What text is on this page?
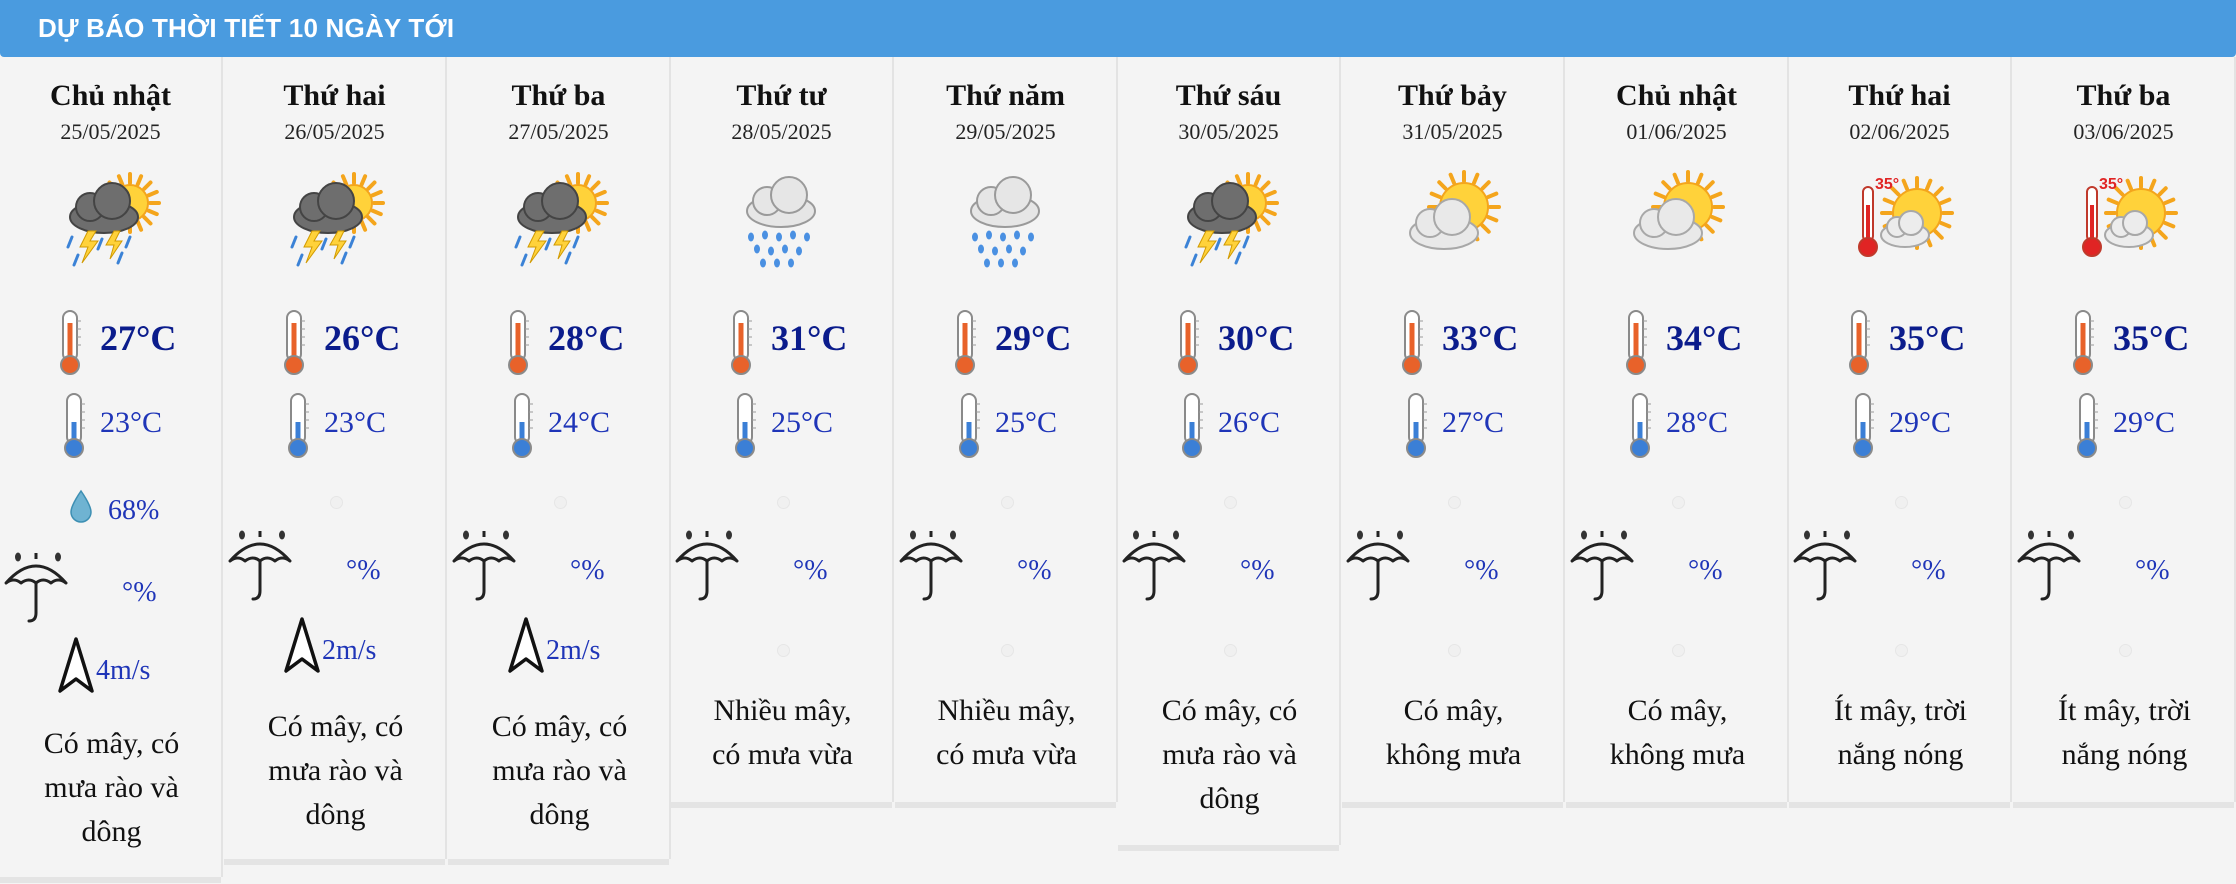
DỰ BÁO THỜI TIẾT 10 NGÀY TỚI
Chủ nhật
25/05/2025
27°C
23°C
68%
°%
4m/s
Có mây, có
mưa rào và
dông
Thứ hai
26/05/2025
26°C
23°C
°%
2m/s
Có mây, có
mưa rào và
dông
Thứ ba
27/05/2025
28°C
24°C
°%
2m/s
Có mây, có
mưa rào và
dông
Thứ tư
28/05/2025
31°C
25°C
°%
Nhiều mây,
có mưa vừa
Thứ năm
29/05/2025
29°C
25°C
°%
Nhiều mây,
có mưa vừa
Thứ sáu
30/05/2025
30°C
26°C
°%
Có mây, có
mưa rào và
dông
Thứ bảy
31/05/2025
33°C
27°C
°%
Có mây,
không mưa
Chủ nhật
01/06/2025
34°C
28°C
°%
Có mây,
không mưa
Thứ hai
02/06/2025
35°
35°C
29°C
°%
Ít mây, trời
nắng nóng
Thứ ba
03/06/2025
35°
35°C
29°C
°%
Ít mây, trời
nắng nóng
